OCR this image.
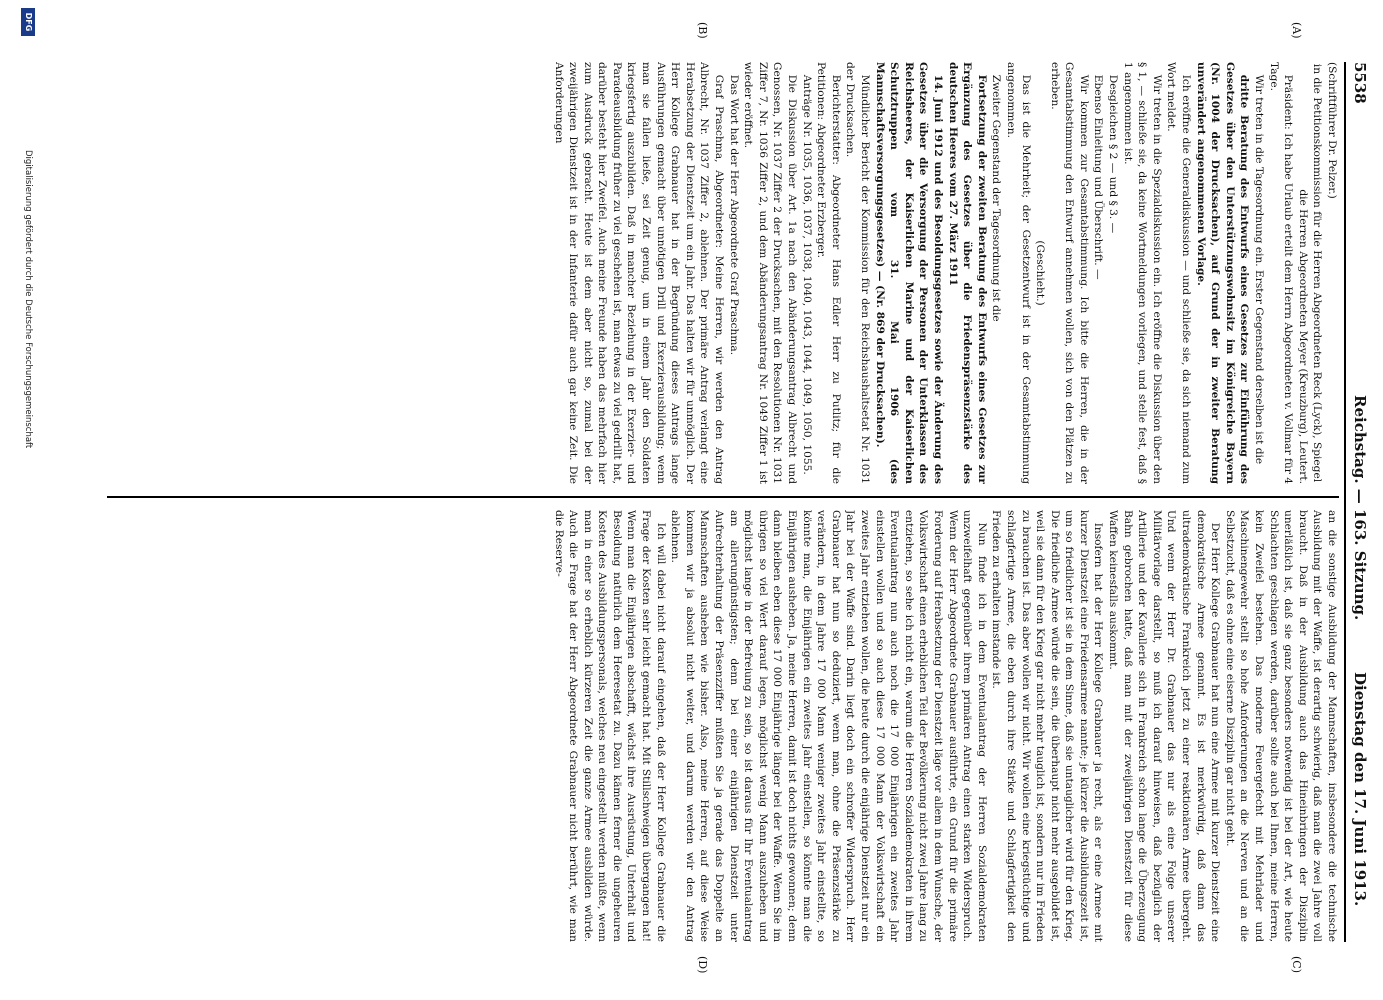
5538
Reichstag. — 163. Sitzung.
Dienstag den 17. Juni 1913.
(A)
(B)
(C)
(D)

(Schriftführer Dr. Pelzer.)

in die Petitionskommission für die Herren Abgeordneten Reck (Lyck), Spiegel

die Herren Abgeordneten Meyer (Kreuzburg), Leutert.

Präsident: Ich habe Urlaub erteilt dem Herrn Abgeordneten v. Vollmar für 4 Tage.

Wir treten in die Tagesordnung ein. Erster Gegenstand derselben ist die

dritte Beratung des Entwurfs eines Gesetzes zur Einführung des Gesetzes über den Unterstützungswohnsitz im Königreiche Bayern (Nr. 1004 der Drucksachen), auf Grund der in zweiter Beratung unverändert angenommenen Vorlage.

Ich eröffne die Generaldiskussion — und schließe sie, da sich niemand zum Wort meldet.

Wir treten in die Spezialdiskussion ein. Ich eröffne die Diskussion über den § 1, — schließe sie, da keine Wortmeldungen vorliegen, und stelle fest, daß § 1 angenommen ist.

Desgleichen § 2 — und § 3. —

Ebenso Einleitung und Überschrift. —

Wir kommen zur Gesamtabstimmung. Ich bitte die Herren, die in der Gesamtabstimmung den Entwurf annehmen wollen, sich von den Plätzen zu erheben.

(Geschieht.)

Das ist die Mehrheit; der Gesetzentwurf ist in der Gesamtabstimmung angenommen.

Zweiter Gegenstand der Tagesordnung ist die

Fortsetzung der zweiten Beratung des Entwurfs eines Gesetzes zur Ergänzung des Gesetzes über die Friedenspräsenzstärke des deutschen Heeres vom 27. März 1911

14. Juni 1912 und des Besoldungsgesetzes sowie der Änderung des Gesetzes über die Versorgung der Personen der Unterklassen des Reichsheeres, der Kaiserlichen Marine und der Kaiserlichen Schutztruppen vom 31. Mai 1906 (des Mannschaftsversorgungsgesetzes) — (Nr. 869 der Drucksachen).

Mündlicher Bericht der Kommission für den Reichshaushaltsetat Nr. 1031 der Drucksachen.

Berichterstatter: Abgeordneter Hans Edler Herr zu Putlitz; für die Petitionen: Abgeordneter Erzberger.

Anträge Nr. 1035, 1036, 1037, 1038, 1040, 1043, 1044, 1049, 1050, 1055.

Die Diskussion über Art. 1a nach den Abänderungsantrag Albrecht und Genossen, Nr. 1037 Ziffer 2 der Drucksachen, mit den Resolutionen Nr. 1031 Ziffer 7, Nr. 1036 Ziffer 2, und dem Abänderungsantrag Nr. 1049 Ziffer 1 ist wieder eröffnet.

Das Wort hat der Herr Abgeordnete Graf Praschma.

Graf Praschma, Abgeordneter: Meine Herren, wir werden den Antrag Albrecht, Nr. 1037 Ziffer 2, ablehnen. Der primäre Antrag verlangt eine Herabsetzung der Dienstzeit um ein Jahr. Das halten wir für unmöglich. Der Herr Kollege Grabnauer hat in der Begründung dieses Antrags lange Ausführungen gemacht über unnötigen Drill und Exerzierausbildung; wenn man sie fallen ließe, sei Zeit genug, um in einem Jahr den Soldaten kriegsfertig auszubilden. Daß in mancher Beziehung in der Exerzier- und Paradeausbildung früher zu viel geschehen ist, man etwas zu viel gedrillt hat, darüber besteht hier Zweifel. Auch meine Freunde haben das mehrfach hier zum Ausdruck gebracht. Heute ist dem aber nicht so, zumal bei der zweijährigen Dienstzeit ist in der Infanterie dafür auch gar keine Zeit. Die Anforderungen

an die sonstige Ausbildung der Mannschaften, insbesondere die technische Ausbildung mit der Waffe, ist derartig schwierig, daß man die zwei Jahre voll braucht. Daß in der Ausbildung auch das Hineinbringen der Disziplin unerläßlich ist, daß sie ganz besonders notwendig ist bei der Art, wie heute Schlachten geschlagen werden, darüber sollte auch bei Ihnen, meine Herren, kein Zweifel bestehen. Das moderne Feuergefecht mit Mehrlader und Maschinengewehr stellt so hohe Anforderungen an die Nerven und an die Selbstzucht, daß es ohne eine eiserne Disziplin gar nicht geht.

Der Herr Kollege Grabnauer hat nun eine Armee mit kurzer Dienstzeit eine demokratische Armee genannt. Es ist merkwürdig, daß dann das ultrademokratische Frankreich jetzt zu einer reaktionären Armee übergeht. Und wenn der Herr Dr. Grabnauer das nur als eine Folge unserer Militärvorlage darstellt, so muß ich darauf hinweisen, daß bezüglich der Artillerie und der Kavallerie sich in Frankreich schon lange die Überzeugung Bahn gebrochen hatte, daß man mit der zweijährigen Dienstzeit für diese Waffen keinesfalls auskommt.

Insofern hat der Herr Kollege Grabnauer ja recht, als er eine Armee mit kurzer Dienstzeit eine Friedensarmee nannte; je kürzer die Ausbildungszeit ist, um so friedlicher ist sie in dem Sinne, daß sie untauglicher wird für den Krieg. Die friedliche Armee würde die sein, die überhaupt nicht mehr ausgebildet ist, weil sie dann für den Krieg gar nicht mehr tauglich ist, sondern nur im Frieden zu brauchen ist. Das aber wollen wir nicht. Wir wollen eine kriegstüchtige und schlagfertige Armee, die eben durch ihre Stärke und Schlagfertigkeit den Frieden zu erhalten imstande ist.

Nun finde ich in dem Eventualantrag der Herren Sozialdemokraten unzweifelhaft gegenüber ihrem primären Antrag einen starken Widerspruch. Wenn der Herr Abgeordnete Grabnauer ausführte, ein Grund für die primäre Forderung auf Herabsetzung der Dienstzeit läge vor allem in dem Wunsche, der Volkswirtschaft einen erheblichen Teil der Bevölkerung nicht zwei Jahre lang zu entziehen, so sehe ich nicht ein, warum die Herren Sozialdemokraten in ihrem Eventualantrag nun auch noch die 17 000 Einjährigen ein zweites Jahr einstellen wollen und so auch diese 17 000 Mann der Volkswirtschaft ein zweites Jahr entziehen wollen, die heute durch die einjährige Dienstzeit nur ein Jahr bei der Waffe sind. Darin liegt doch ein schroffer Widerspruch. Herr Grabnauer hat nun so deduziert, wenn man, ohne die Präsenzstärke zu verändern, in dem Jahre 17 000 Mann weniger zweites Jahr einstellte, so könnte man, die Einjährigen ein zweites Jahr einstellen, so könnte man die Einjährigen ausheben. Ja, meine Herren, damit ist doch nichts gewonnen; denn dann bleiben eben diese 17 000 Einjährige länger bei der Waffe. Wenn Sie im übrigen so viel Wert darauf legen, möglichst wenig Mann auszuheben und möglichst lange in der Befreiung zu sein, so ist daraus für Ihr Eventualantrag am allerungünstigsten; denn bei einer einjährigen Dienstzeit unter Aufrechterhaltung der Präsenzziffer müßten Sie ja gerade das Doppelte an Mannschaften ausheben wie bisher. Also, meine Herren, auf diese Weise kommen wir ja absolut nicht weiter, und darum werden wir den Antrag ablehnen.

Ich will dabei nicht darauf eingehen, daß der Herr Kollege Grabnauer die Frage der Kosten sehr leicht gemacht hat. Mit Stillschweigen übergangen hat! Wenn man die Einjährigen abschafft, wächst ihre Ausrüstung, Unterhalt und Besoldung natürlich dem Heeresetat zu. Dazu kämen ferner die ungeheuren Kosten des Ausbildungspersonals, welches neu eingestellt werden müßte, wenn man in einer so erheblich kürzeren Zeit die ganze Armee ausbilden würde. Auch die Frage hat der Herr Abgeordnete Grabnauer nicht berührt, wie man die Reserve-

Digitalisierung gefördert durch die Deutsche Forschungsgemeinschaft
DFG
